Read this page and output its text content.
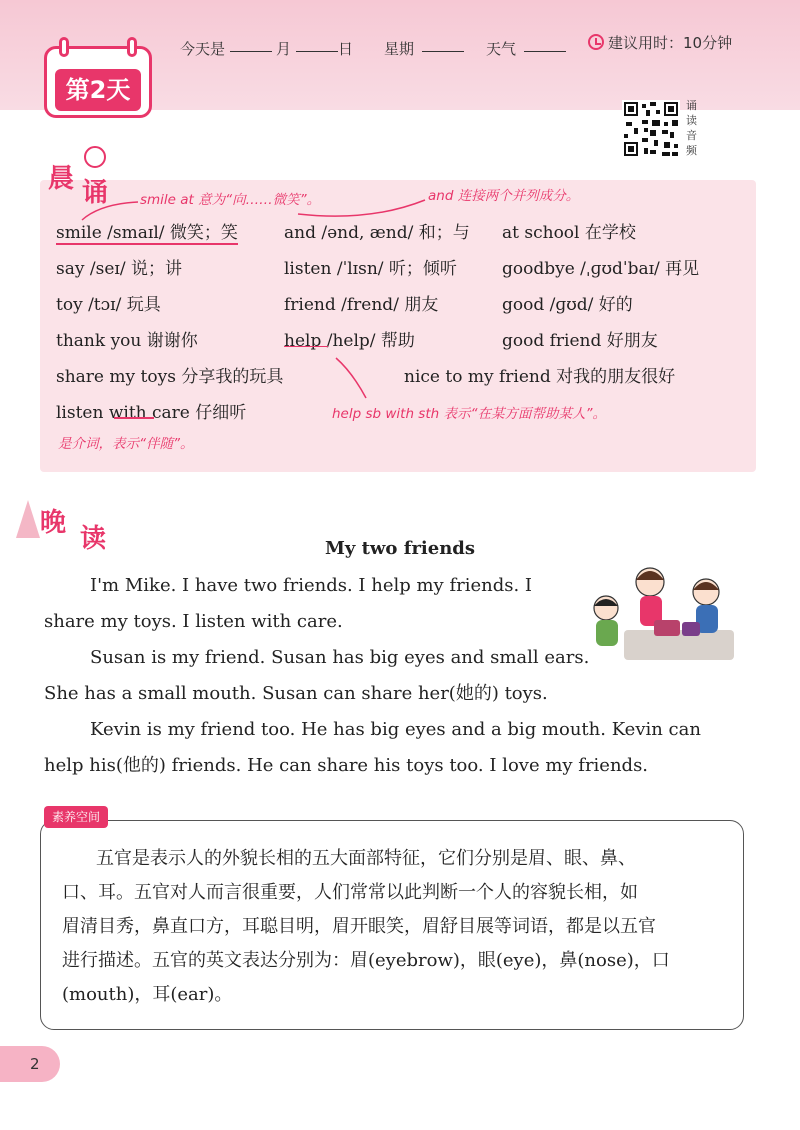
第2天
今天是	月	日 星期	天气	建议用时：10分钟
诵读音频
晨 诵 smile at 意为“向……微笑”。	and 连接两个并列成分。
smile /smaɪl/ 微笑；笑	and /ənd, ænd/ 和；与 at school 在学校
say /seɪ/ 说；讲	listen /ˈlɪsn/ 听；倾听	goodbye /ˌɡʊdˈbaɪ/ 再见
toy /tɔɪ/ 玩具	friend /frend/ 朋友	good /ɡʊd/ 好的
thank you 谢谢你	help /help/ 帮助	good friend 好朋友
share my toys 分享我的玩具	nice to my friend 对我的朋友很好
listen with care 仔细听	help sb with sth 表示“在某方面帮助某人”。
是介词，表示“伴随”。
晚
读	My two friends
I'm Mike. I have two friends. I help my friends. I
share my toys. I listen with care.
Susan is my friend. Susan has big eyes and small ears.
She has a small mouth. Susan can share her(她的) toys.
Kevin is my friend too. He has big eyes and a big mouth. Kevin can
help his(他的) friends. He can share his toys too. I love my friends.
素养空间
五官是表示人的外貌长相的五大面部特征，它们分别是眉、眼、鼻、
口、耳。五官对人而言很重要，人们常常以此判断一个人的容貌长相，如
眉清目秀，鼻直口方，耳聪目明，眉开眼笑，眉舒目展等词语，都是以五官
进行描述。五官的英文表达分别为：眉(eyebrow)，眼(eye)，鼻(nose)，口
(mouth)，耳(ear)。
2
